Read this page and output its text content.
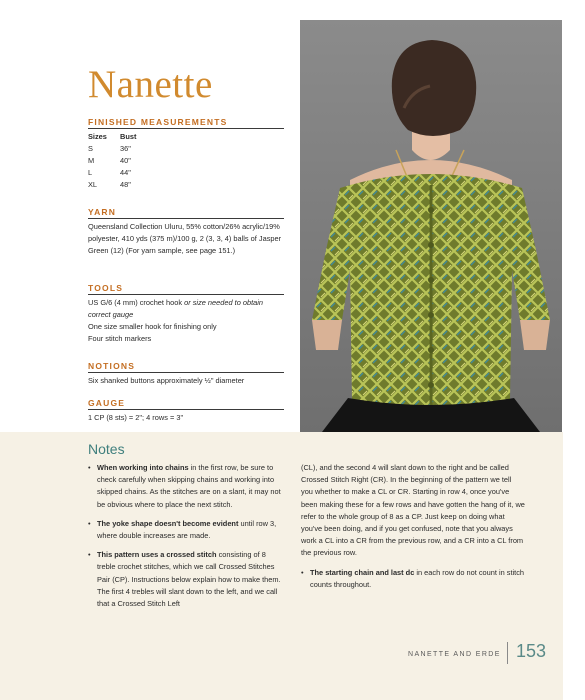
Nanette

FINISHED MEASUREMENTS

Sizes	Bust
S	36"
M	40"
L	44"
XL	48"

YARN

Queensland Collection Uluru, 55% cotton/26% acrylic/19% polyester, 410 yds (375 m)/100 g, 2 (3, 3, 4) balls of Jasper Green (12) (For yarn sample, see page 151.)

TOOLS

US G/6 (4 mm) crochet hook or size needed to obtain correct gauge
One size smaller hook for finishing only
Four stitch markers

NOTIONS

Six shanked buttons approximately ½" diameter

GAUGE

1 CP (8 sts) = 2"; 4 rows = 3"
Notes
• When working into chains in the first row, be sure to check carefully when skipping chains and working into skipped chains. As the stitches are on a slant, it may not be obvious where to place the next stitch.
• The yoke shape doesn't become evident until row 3, where double increases are made.
• This pattern uses a crossed stitch consisting of 8 treble crochet stitches, which we call Crossed Stitches Pair (CP). Instructions below explain how to make them. The first 4 trebles will slant down to the left, and we call that a Crossed Stitch Left
(CL), and the second 4 will slant down to the right and be called Crossed Stitch Right (CR). In the beginning of the pattern we tell you whether to make a CL or CR. Starting in row 4, once you've been making these for a few rows and have gotten the hang of it, we refer to the whole group of 8 as a CP. Just keep on doing what you've been doing, and if you get confused, note that you always work a CL into a CR from the previous row, and a CR into a CL from the previous row.
• The starting chain and last dc in each row do not count in stitch counts throughout.
NANETTE AND ERDE 153
